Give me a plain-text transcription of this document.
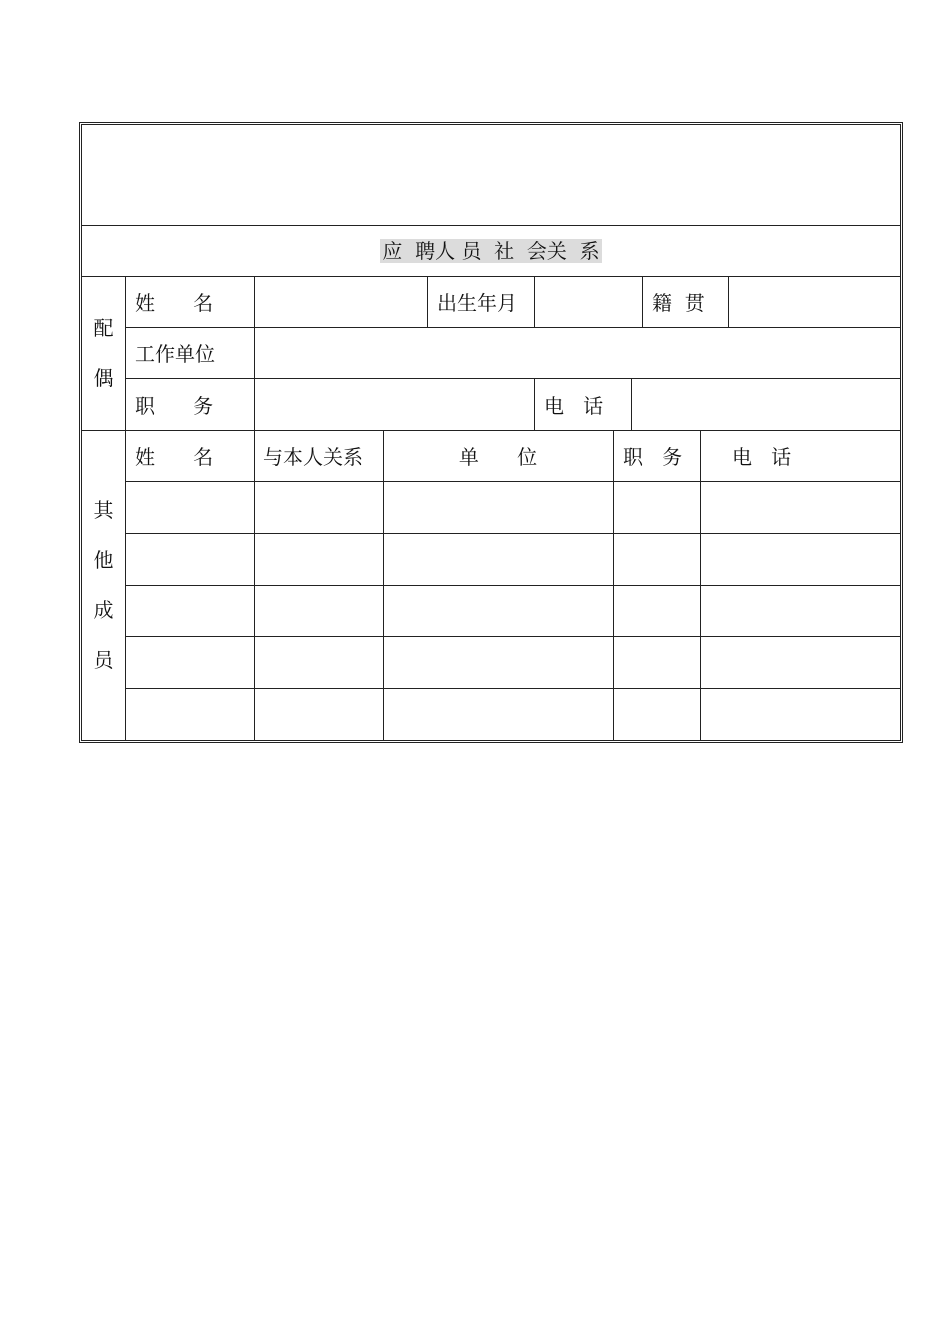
应  聘人 员  社  会关  系
配
偶
姓      名	出生年月	籍  贯
工作单位
职      务	电   话
其
他
成
员
姓      名	与本人关系	单      位	职   务	电   话
